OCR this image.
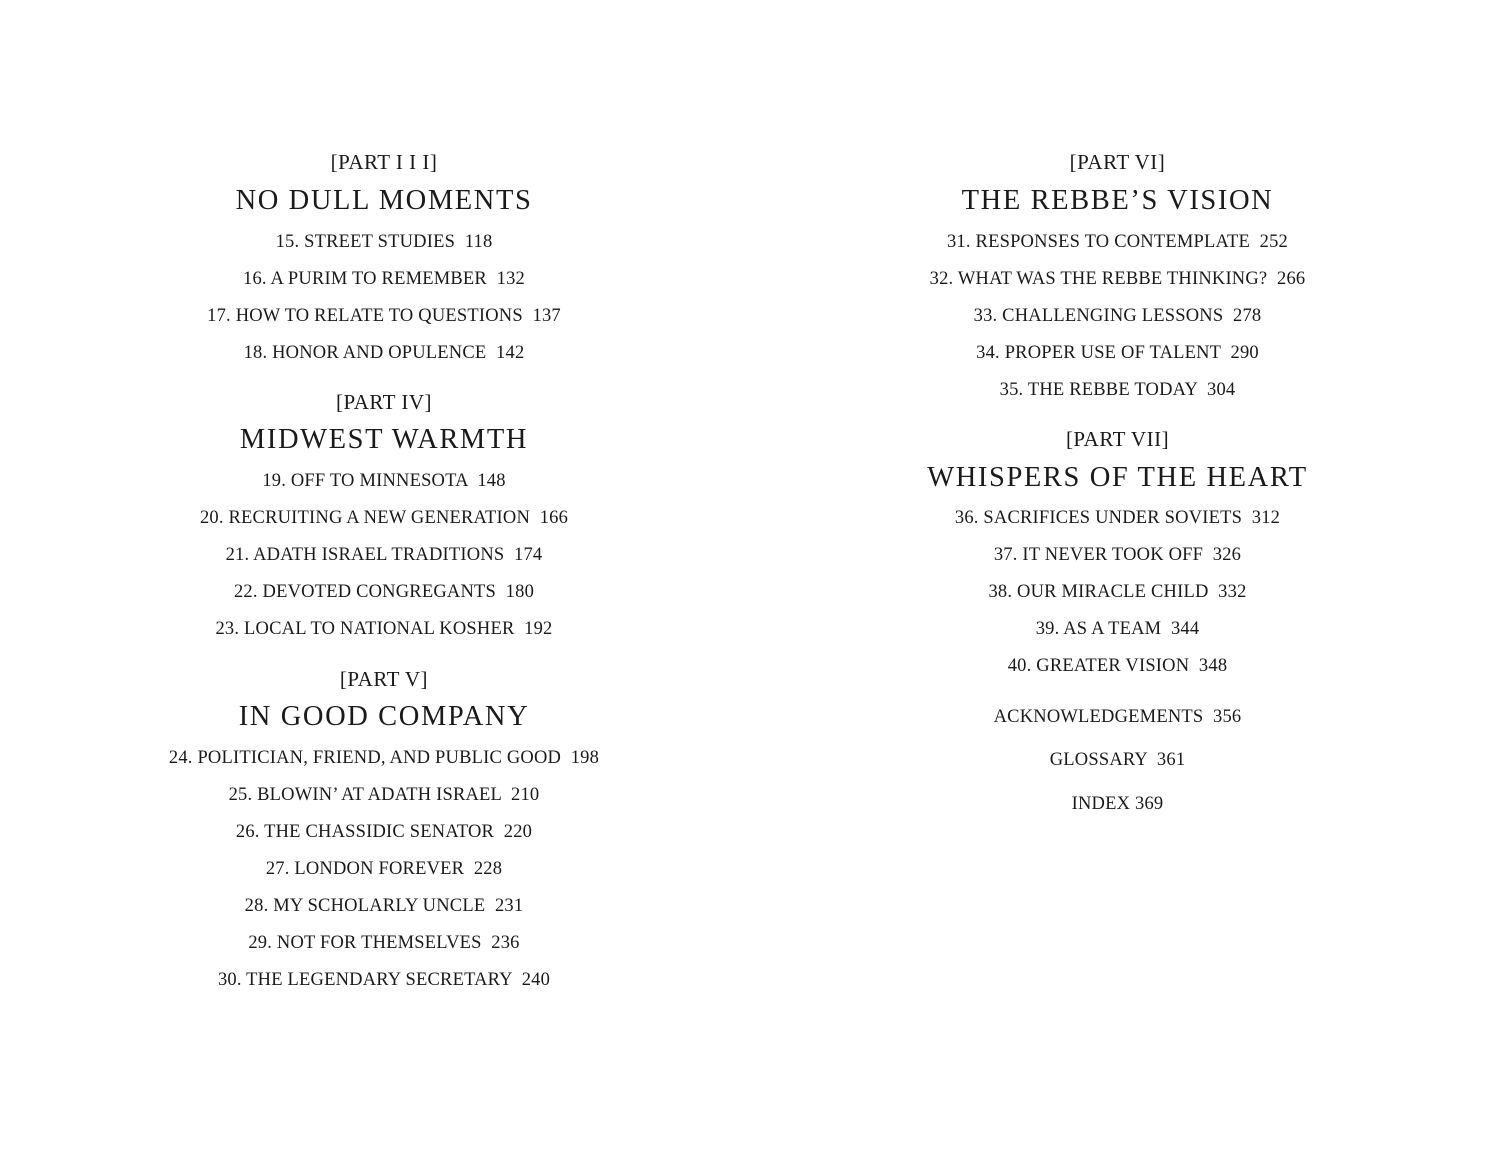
[PART I I I]
NO DULL MOMENTS
15. STREET STUDIES  118
16. A PURIM TO REMEMBER  132
17. HOW TO RELATE TO QUESTIONS  137
18. HONOR AND OPULENCE  142
[PART IV]
MIDWEST WARMTH
19. OFF TO MINNESOTA  148
20. RECRUITING A NEW GENERATION  166
21. ADATH ISRAEL TRADITIONS  174
22. DEVOTED CONGREGANTS  180
23. LOCAL TO NATIONAL KOSHER  192
[PART V]
IN GOOD COMPANY
24. POLITICIAN, FRIEND, AND PUBLIC GOOD  198
25. BLOWIN’ AT ADATH ISRAEL  210
26. THE CHASSIDIC SENATOR  220
27. LONDON FOREVER  228
28. MY SCHOLARLY UNCLE  231
29. NOT FOR THEMSELVES  236
30. THE LEGENDARY SECRETARY  240
[PART VI]
THE REBBE’S VISION
31. RESPONSES TO CONTEMPLATE  252
32. WHAT WAS THE REBBE THINKING?  266
33. CHALLENGING LESSONS  278
34. PROPER USE OF TALENT  290
35. THE REBBE TODAY  304
[PART VII]
WHISPERS OF THE HEART
36. SACRIFICES UNDER SOVIETS  312
37. IT NEVER TOOK OFF  326
38. OUR MIRACLE CHILD  332
39. AS A TEAM  344
40. GREATER VISION  348
ACKNOWLEDGEMENTS  356
GLOSSARY  361
INDEX 369
